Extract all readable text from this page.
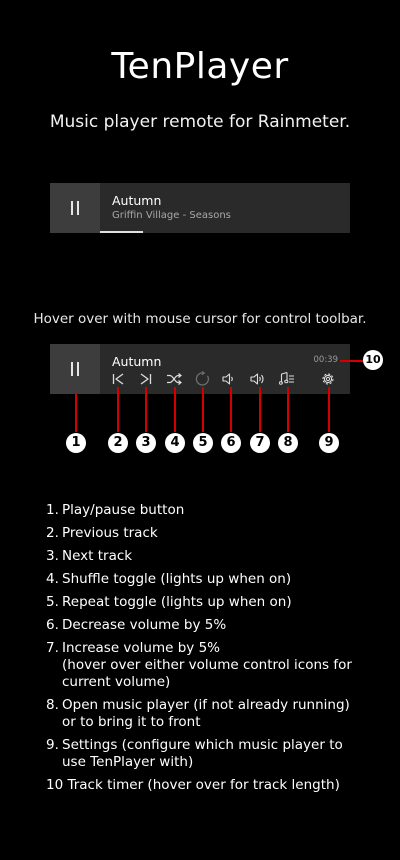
TenPlayer
Music player remote for Rainmeter.
Autumn
Griffin Village - Seasons
Hover over with mouse cursor for control toolbar.
Autumn	00:39
1	2	3	4	5	6	7	8	9
10
1. Play/pause button
2. Previous track
3. Next track
4. Shuffle toggle (lights up when on)
5. Repeat toggle (lights up when on)
6. Decrease volume by 5%
7. Increase volume by 5%
(hover over either volume control icons for current volume)
8. Open music player (if not already running) or to bring it to front
9. Settings (configure which music player to use TenPlayer with)
10 Track timer (hover over for track length)
